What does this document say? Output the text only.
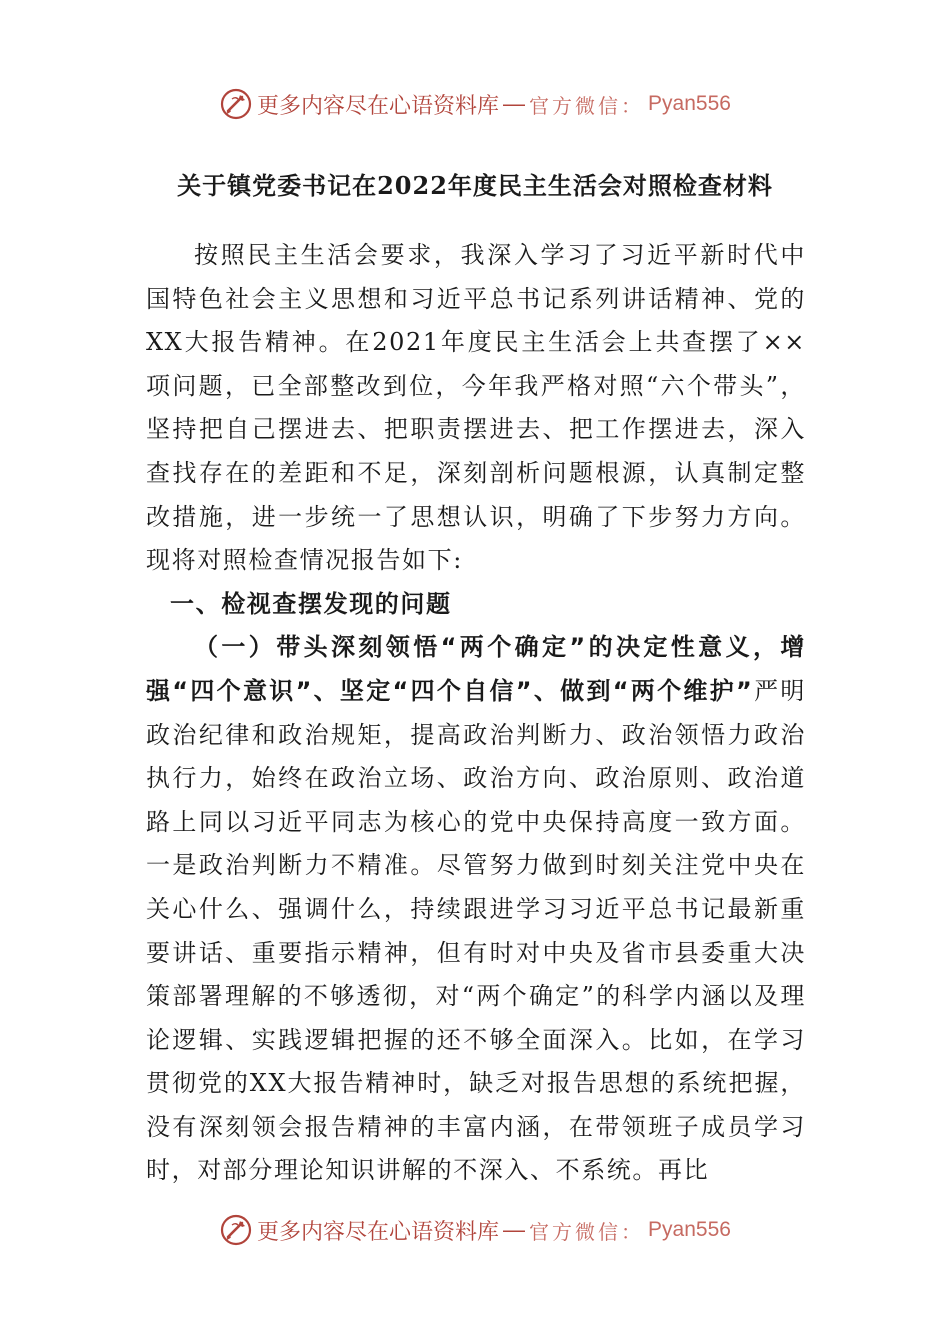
更多内容尽在心语资料库 — 官方微信： Pyan556
关于镇党委书记在2022年度民主生活会对照检查材料

按照民主生活会要求，我深入学习了习近平新时代中国特色社会主义思想和习近平总书记系列讲话精神、党的XX大报告精神。在2021年度民主生活会上共查摆了××项问题，已全部整改到位，今年我严格对照“六个带头”，坚持把自己摆进去、把职责摆进去、把工作摆进去，深入查找存在的差距和不足，深刻剖析问题根源，认真制定整改措施，进一步统一了思想认识，明确了下步努力方向。现将对照检查情况报告如下:

一、检视查摆发现的问题

（一）带头深刻领悟“两个确定”的决定性意义，增强“四个意识”、坚定“四个自信”、做到“两个维护”严明政治纪律和政治规矩，提高政治判断力、政治领悟力政治执行力，始终在政治立场、政治方向、政治原则、政治道路上同以习近平同志为核心的党中央保持高度一致方面。一是政治判断力不精准。尽管努力做到时刻关注党中央在关心什么、强调什么，持续跟进学习习近平总书记最新重要讲话、重要指示精神，但有时对中央及省市县委重大决策部署理解的不够透彻，对“两个确定”的科学内涵以及理论逻辑、实践逻辑把握的还不够全面深入。比如，在学习贯彻党的XX大报告精神时，缺乏对报告思想的系统把握，没有深刻领会报告精神的丰富内涵，在带领班子成员学习时，对部分理论知识讲解的不深入、不系统。再比

更多内容尽在心语资料库 — 官方微信： Pyan556
